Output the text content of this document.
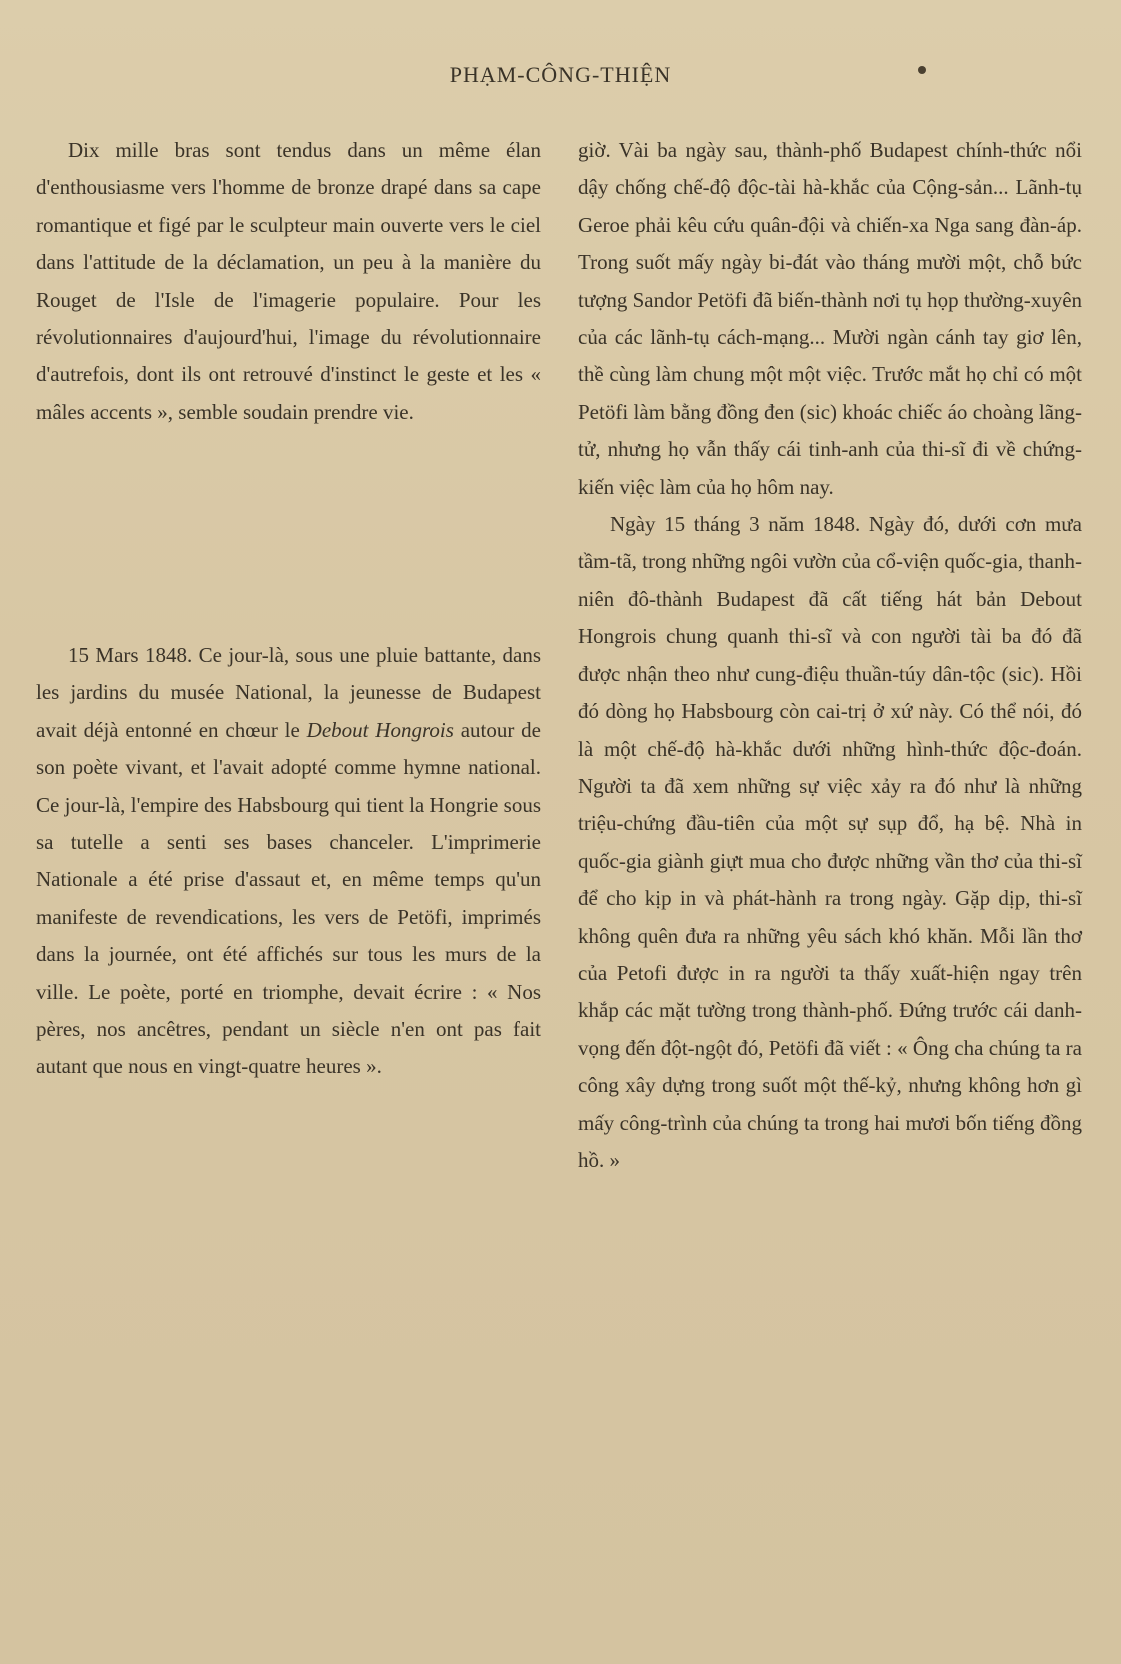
PHẠM-CÔNG-THIỆN

Dix mille bras sont tendus dans un même élan d'enthousiasme vers l'homme de bronze drapé dans sa cape romantique et figé par le sculpteur main ouverte vers le ciel dans l'attitude de la déclamation, un peu à la manière du Rouget de l'Isle de l'imagerie populaire. Pour les révolutionnaires d'aujourd'hui, l'image du révolutionnaire d'autrefois, dont ils ont retrouvé d'instinct le geste et les « mâles accents », semble soudain prendre vie.

15 Mars 1848. Ce jour-là, sous une pluie battante, dans les jardins du musée National, la jeunesse de Budapest avait déjà entonné en chœur le Debout Hongrois autour de son poète vivant, et l'avait adopté comme hymne national. Ce jour-là, l'empire des Habsbourg qui tient la Hongrie sous sa tutelle a senti ses bases chanceler. L'imprimerie Nationale a été prise d'assaut et, en même temps qu'un manifeste de revendications, les vers de Petöfi, imprimés dans la journée, ont été affichés sur tous les murs de la ville. Le poète, porté en triomphe, devait écrire : « Nos pères, nos ancêtres, pendant un siècle n'en ont pas fait autant que nous en vingt-quatre heures ».

giờ. Vài ba ngày sau, thành-phố Budapest chính-thức nổi dậy chống chế-độ độc-tài hà-khắc của Cộng-sản... Lãnh-tụ Geroe phải kêu cứu quân-đội và chiến-xa Nga sang đàn-áp. Trong suốt mấy ngày bi-đát vào tháng mười một, chỗ bức tượng Sandor Petöfi đã biến-thành nơi tụ họp thường-xuyên của các lãnh-tụ cách-mạng... Mười ngàn cánh tay giơ lên, thề cùng làm chung một một việc. Trước mắt họ chỉ có một Petöfi làm bằng đồng đen (sic) khoác chiếc áo choàng lãng-tử, nhưng họ vẫn thấy cái tinh-anh của thi-sĩ đi về chứng-kiến việc làm của họ hôm nay.

Ngày 15 tháng 3 năm 1848. Ngày đó, dưới cơn mưa tầm-tã, trong những ngôi vườn của cổ-viện quốc-gia, thanh-niên đô-thành Budapest đã cất tiếng hát bản Debout Hongrois chung quanh thi-sĩ và con người tài ba đó đã được nhận theo như cung-điệu thuần-túy dân-tộc (sic). Hồi đó dòng họ Habsbourg còn cai-trị ở xứ này. Có thể nói, đó là một chế-độ hà-khắc dưới những hình-thức độc-đoán. Người ta đã xem những sự việc xảy ra đó như là những triệu-chứng đầu-tiên của một sự sụp đổ, hạ bệ. Nhà in quốc-gia giành giựt mua cho được những vần thơ của thi-sĩ để cho kịp in và phát-hành ra trong ngày. Gặp dịp, thi-sĩ không quên đưa ra những yêu sách khó khăn. Mỗi lần thơ của Petofi được in ra người ta thấy xuất-hiện ngay trên khắp các mặt tường trong thành-phố. Đứng trước cái danh-vọng đến đột-ngột đó, Petöfi đã viết : « Ông cha chúng ta ra công xây dựng trong suốt một thế-kỷ, nhưng không hơn gì mấy công-trình của chúng ta trong hai mươi bốn tiếng đồng hồ. »
